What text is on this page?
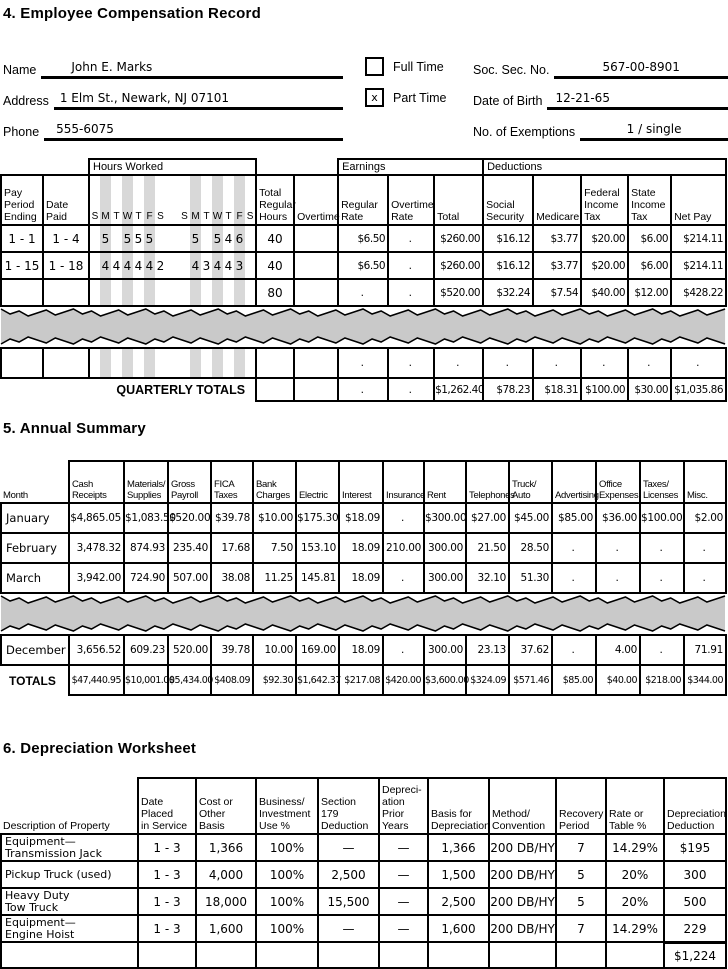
4. Employee Compensation Record
Name	John E. Marks	Full Time Soc. Sec. No.	567-00-8901
Address 1 Elm St., Newark, NJ 07101	x	Part Time Date of Birth	12-21-65
Phone	555-6075	No. of Exemptions	1 / single
		Hours Worked																	Earnings			Deductions				
Pay
Period
Ending	Date
Paid	S	M	T	W	T	F	S		S	M	T	W	T	F	S	Total
Regular
Hours	Overtime	Regular
Rate	Overtime
Rate	Total	Social
Security	Medicare	Federal
Income
Tax	State
Income
Tax	Net Pay
1 - 1	1 - 4		5		5	5	5				5		5	4	6		40		$6.50	.	$260.00	$16.12	$3.77	$20.00	$6.00	$214.11
1 - 15	1 - 18		4	4	4	4	4	2			4	3	4	4	3		40		$6.50	.	$260.00	$16.12	$3.77	$20.00	$6.00	$214.11
																	80		.	.	$520.00	$32.24	$7.54	$40.00	$12.00	$428.22

																			.	.	.	.	.	.	.	.
QUARTERLY TOTALS																			.	.	$1,262.40	$78.23	$18.31	$100.00	$30.00	$1,035.86
5. Annual Summary
Month	Cash
Receipts	Materials/
Supplies	Gross
Payroll	FICA
Taxes	Bank
Charges	Electric	Interest	Insurance	Rent	Telephones	Truck/
Auto	Advertising	Office
Expenses	Taxes/
Licenses	Misc.
January	$4,865.05	$1,083.50	$520.00	$39.78	$10.00	$175.30	$18.09	.	$300.00	$27.00	$45.00	$85.00	$36.00	$100.00	$2.00
February	3,478.32	874.93	235.40	17.68	7.50	153.10	18.09	210.00	300.00	21.50	28.50	.	.	.	.
March	3,942.00	724.90	507.00	38.08	11.25	145.81	18.09	.	300.00	32.10	51.30	.	.	.	.

December	3,656.52	609.23	520.00	39.78	10.00	169.00	18.09	.	300.00	23.13	37.62	.	4.00	.	71.91
TOTALS	$47,440.95	$10,001.00	$5,434.00	$408.09	$92.30	$1,642.37	$217.08	$420.00	$3,600.00	$324.09	$571.46	$85.00	$40.00	$218.00	$344.00
6. Depreciation Worksheet
Description of Property	Date Placed
in Service	Cost or
Other Basis	Business/
Investment
Use %	Section 179
Deduction	Depreci-
ation Prior
Years	Basis for
Depreciation	Method/
Convention	Recovery
Period	Rate or
Table %	Depreciation
Deduction
Equipment—
Transmission Jack	1 - 3	1,366	100%	—	—	1,366	200 DB/HY	7	14.29%	$195
Pickup Truck (used)	1 - 3	4,000	100%	2,500	—	1,500	200 DB/HY	5	20%	300
Heavy Duty
Tow Truck	1 - 3	18,000	100%	15,500	—	2,500	200 DB/HY	5	20%	500
Equipment—
Engine Hoist	1 - 3	1,600	100%	—	—	1,600	200 DB/HY	7	14.29%	229
										$1,224
